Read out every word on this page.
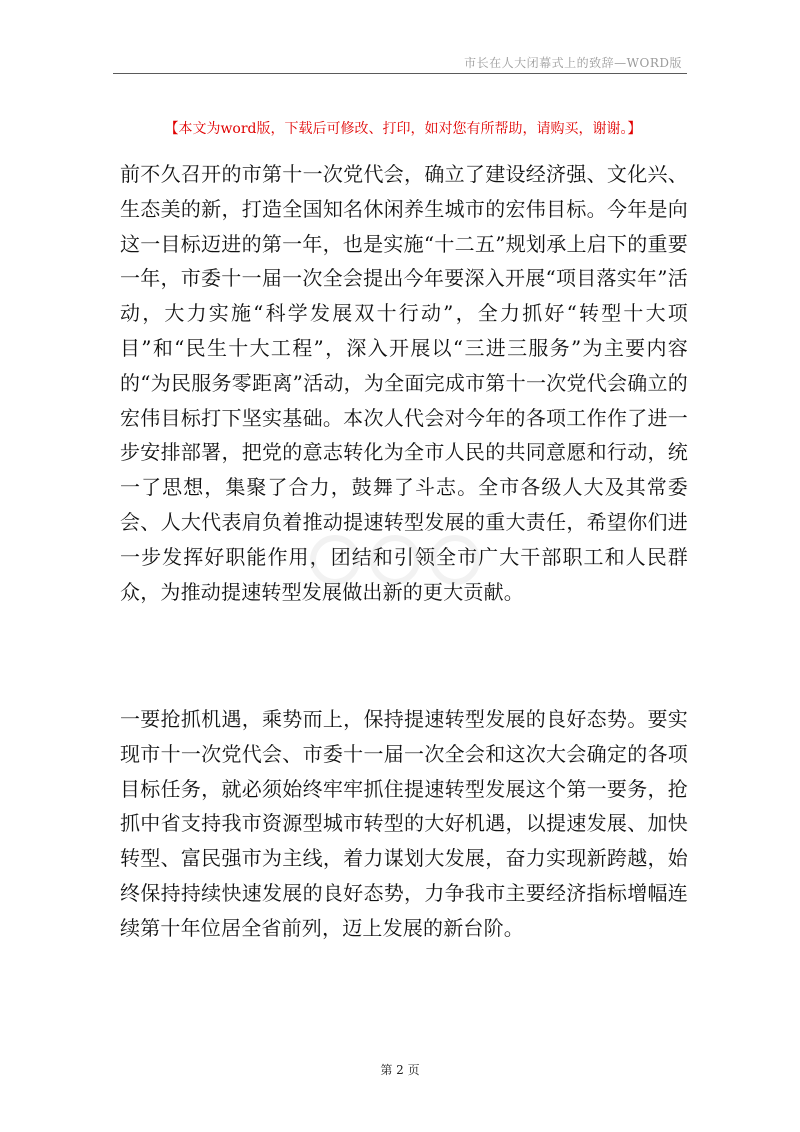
市长在人大闭幕式上的致辞—WORD版
【本文为word版，下载后可修改、打印，如对您有所帮助，请购买，谢谢。】
前不久召开的市第十一次党代会，确立了建设经济强、文化兴、生态美的新，打造全国知名休闲养生城市的宏伟目标。今年是向这一目标迈进的第一年，也是实施“十二五”规划承上启下的重要一年，市委十一届一次全会提出今年要深入开展“项目落实年”活动，大力实施“科学发展双十行动”，全力抓好“转型十大项目”和“民生十大工程”，深入开展以“三进三服务”为主要内容的“为民服务零距离”活动，为全面完成市第十一次党代会确立的宏伟目标打下坚实基础。本次人代会对今年的各项工作作了进一步安排部署，把党的意志转化为全市人民的共同意愿和行动，统一了思想，集聚了合力，鼓舞了斗志。全市各级人大及其常委会、人大代表肩负着推动提速转型发展的重大责任，希望你们进一步发挥好职能作用，团结和引领全市广大干部职工和人民群众，为推动提速转型发展做出新的更大贡献。
一要抢抓机遇，乘势而上，保持提速转型发展的良好态势。要实现市十一次党代会、市委十一届一次全会和这次大会确定的各项目标任务，就必须始终牢牢抓住提速转型发展这个第一要务，抢抓中省支持我市资源型城市转型的大好机遇，以提速发展、加快转型、富民强市为主线，着力谋划大发展，奋力实现新跨越，始终保持持续快速发展的良好态势，力争我市主要经济指标增幅连续第十年位居全省前列，迈上发展的新台阶。
第 2 页
